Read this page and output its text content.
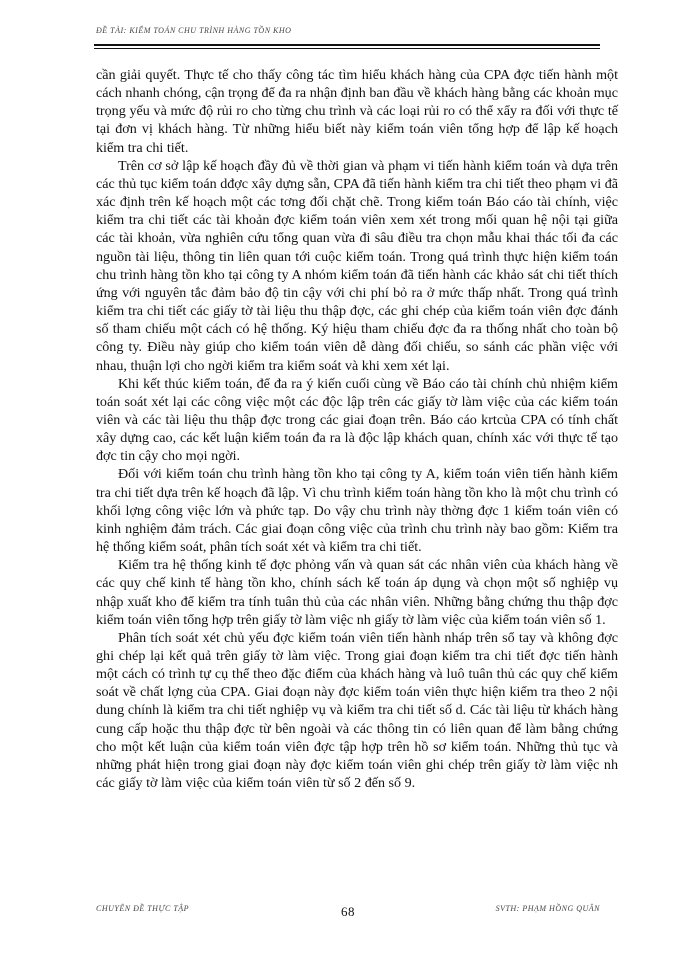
ĐỀ TÀI: KIỂM TOÁN CHU TRÌNH HÀNG TỒN KHO

cần giải quyết. Thực tế cho thấy công tác tìm hiểu khách hàng của CPA đợc tiến hành một cách nhanh chóng, cận trọng để đa ra nhận định ban đầu về khách hàng bằng các khoản mục trọng yếu và mức độ rủi ro cho từng chu trình và các loại rủi ro có thể xẩy ra đối với thực tế tại đơn vị khách hàng. Từ những hiểu biết này kiểm toán viên tổng hợp để lập kế hoạch kiểm tra chi tiết.

Trên cơ sở lập kế hoạch đầy đủ về thời gian và phạm vi tiến hành kiểm toán và dựa trên các thủ tục kiểm toán dđợc xây dựng sẵn, CPA đã tiến hành kiểm tra chi tiết theo phạm vi đã xác định trên kế hoạch một các tơng đối chặt chẽ. Trong kiểm toán Báo cáo tài chính, việc kiểm tra chi tiết các tài khoản đợc kiểm toán viên xem xét trong mối quan hệ nội tại giữa các tài khoản, vừa nghiên cứu tổng quan vừa đi sâu điều tra chọn mẫu khai thác tối đa các nguồn tài liệu, thông tin liên quan tới cuộc kiểm toán. Trong quá trình thực hiện kiểm toán chu trình hàng tồn kho tại công ty A nhóm kiểm toán đã tiến hành các khảo sát chi tiết thích ứng với nguyên tắc đảm bảo độ tin cậy với chi phí bỏ ra ở mức thấp nhất. Trong quá trình kiểm tra chi tiết các giấy tờ tài liệu thu thập đợc, các ghi chép của kiểm toán viên đợc đánh số tham chiếu một cách có hệ thống. Ký hiệu tham chiếu đợc đa ra thống nhất cho toàn bộ công ty. Điều này giúp cho kiểm toán viên dễ dàng đối chiếu, so sánh các phần việc với nhau, thuận lợi cho ngời kiểm tra kiểm soát và khi xem xét lại.

Khi kết thúc kiểm toán, để đa ra ý kiến cuối cùng về Báo cáo tài chính chủ nhiệm kiểm toán soát xét lại các công việc một các độc lập trên các giấy tờ làm việc của các kiểm toán viên và các tài liệu thu thập đợc trong các giai đoạn trên. Báo cáo krtcủa CPA có tính chất xây dựng cao, các kết luận kiểm toán đa ra là độc lập khách quan, chính xác với thực tế tạo đợc tin cậy cho mọi ngời.

Đối với kiểm toán chu trình hàng tồn kho tại công ty A, kiểm toán viên tiến hành kiểm tra chi tiết dựa trên kế hoạch đã lập. Vì chu trình kiểm toán hàng tồn kho là một chu trình có khối lợng công việc lớn và phức tạp. Do vậy chu trình này thờng đợc 1 kiểm toán viên có kinh nghiệm đảm trách. Các giai đoạn công việc của trình chu trình này bao gồm: Kiểm tra hệ thống kiểm soát, phân tích soát xét và kiểm tra chi tiết.

Kiểm tra hệ thống kinh tế đợc phỏng vấn và quan sát các nhân viên của khách hàng về các quy chế kinh tế hàng tồn kho, chính sách kế toán áp dụng và chọn một số nghiệp vụ nhập xuất kho để kiểm tra tính tuân thủ của các nhân viên. Những bằng chứng thu thập đợc kiểm toán viên tổng hợp trên giấy tờ làm việc nh giấy tờ làm việc của kiểm toán viên số 1.

Phân tích soát xét chủ yếu đợc kiểm toán viên tiến hành nháp trên sổ tay và không đợc ghi chép lại kết quả trên giấy tờ làm việc. Trong giai đoạn kiểm tra chi tiết đợc tiến hành một cách có trình tự cụ thể theo đặc điểm của khách hàng và luô tuân thủ các quy chế kiểm soát về chất lợng của CPA. Giai đoạn này đợc kiểm toán viên thực hiện kiểm tra theo 2 nội dung chính là kiểm tra chi tiết nghiệp vụ và kiểm tra chi tiết số d. Các tài liệu từ khách hàng cung cấp hoặc thu thập đợc từ bên ngoài và các thông tin có liên quan để làm bằng chứng cho một kết luận của kiểm toán viên đợc tập hợp trên hồ sơ kiểm toán. Những thủ tục và những phát hiện trong giai đoạn này đợc kiểm toán viên ghi chép trên giấy tờ làm việc nh các giấy tờ làm việc của kiểm toán viên từ số 2 đến số 9.

CHUYÊN ĐỀ THỰC TẬP	68	SVTH: PHẠM HỒNG QUÂN
